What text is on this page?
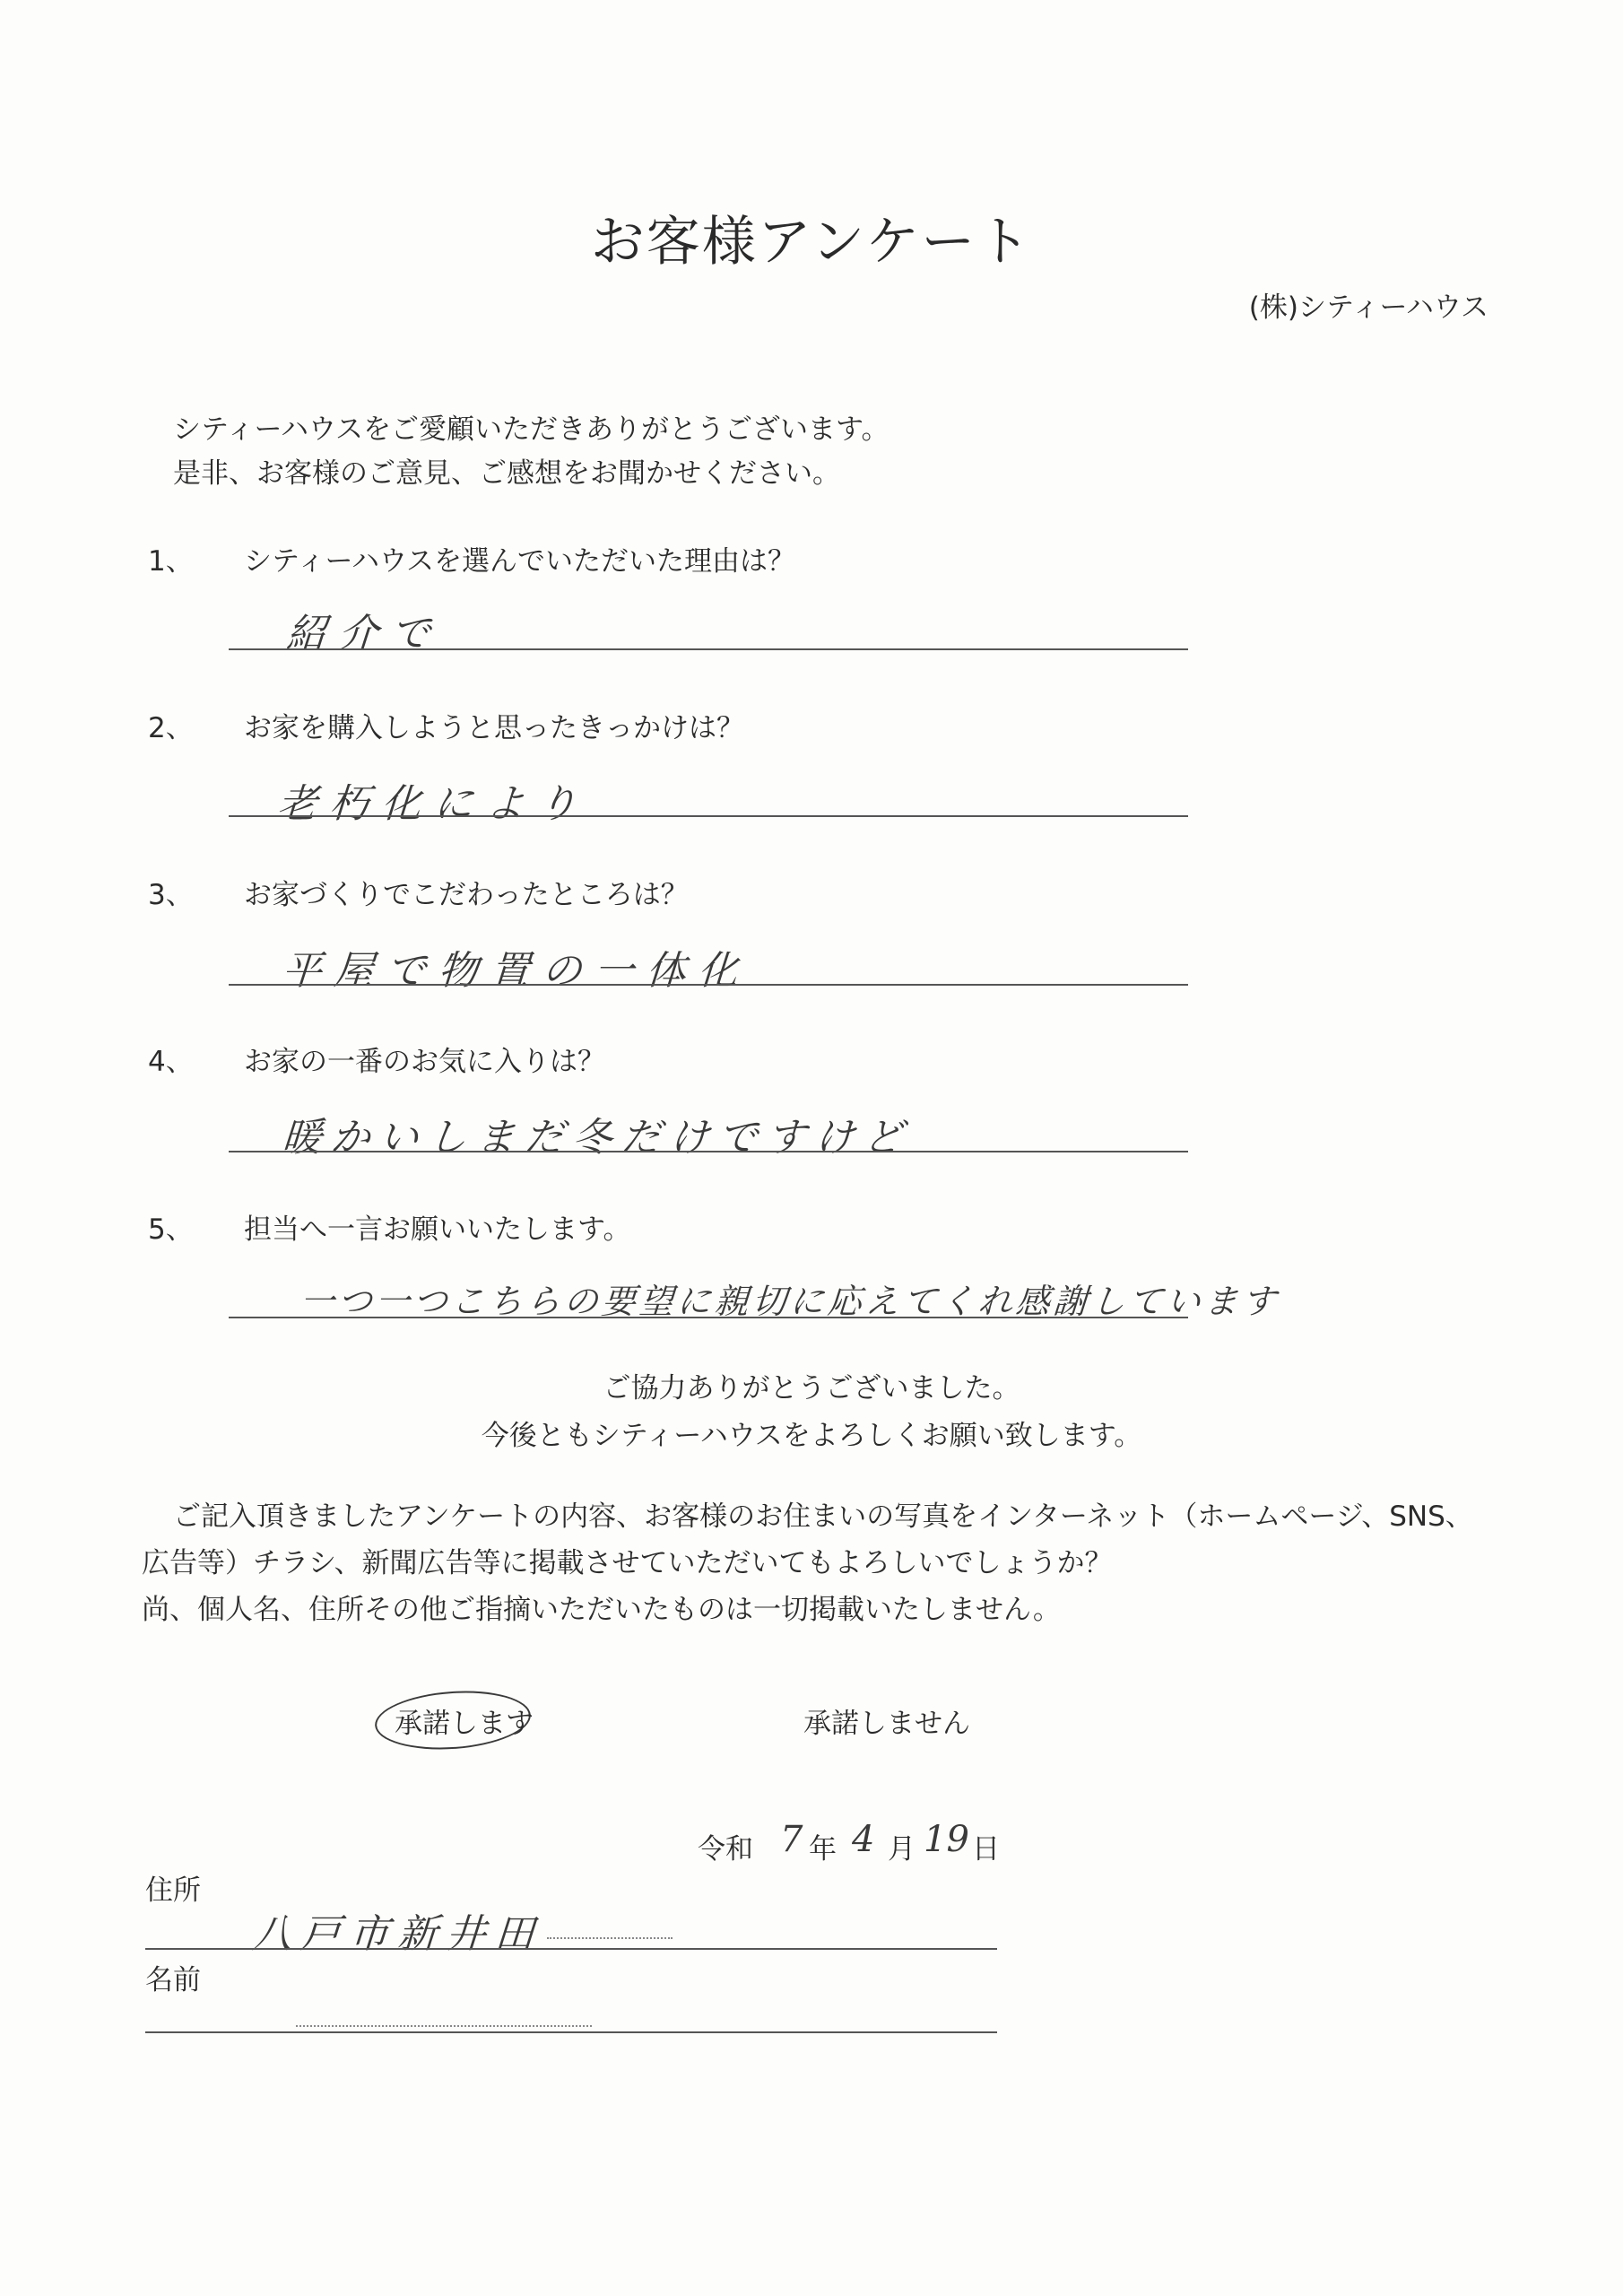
お客様アンケート
(株)シティーハウス
シティーハウスをご愛顧いただきありがとうございます。
是非、お客様のご意見、ご感想をお聞かせください。
1、 シティーハウスを選んでいただいた理由は？
紹介で
2、 お家を購入しようと思ったきっかけは？
老朽化により
3、 お家づくりでこだわったところは？
平屋で物置の一体化
4、 お家の一番のお気に入りは？
暖かいしまだ冬だけですけど
5、 担当へ一言お願いいたします。
一つ一つこちらの要望に親切に応えてくれ感謝しています
ご協力ありがとうございました。
今後ともシティーハウスをよろしくお願い致します。
ご記入頂きましたアンケートの内容、お客様のお住まいの写真をインターネット（ホームページ、SNS、
広告等）チラシ、新聞広告等に掲載させていただいてもよろしいでしょうか？
尚、個人名、住所その他ご指摘いただいたものは一切掲載いたしません。
承諾します	承諾しません
令和 7 年 4 月 19 日
住所
八戸市新井田
名前
